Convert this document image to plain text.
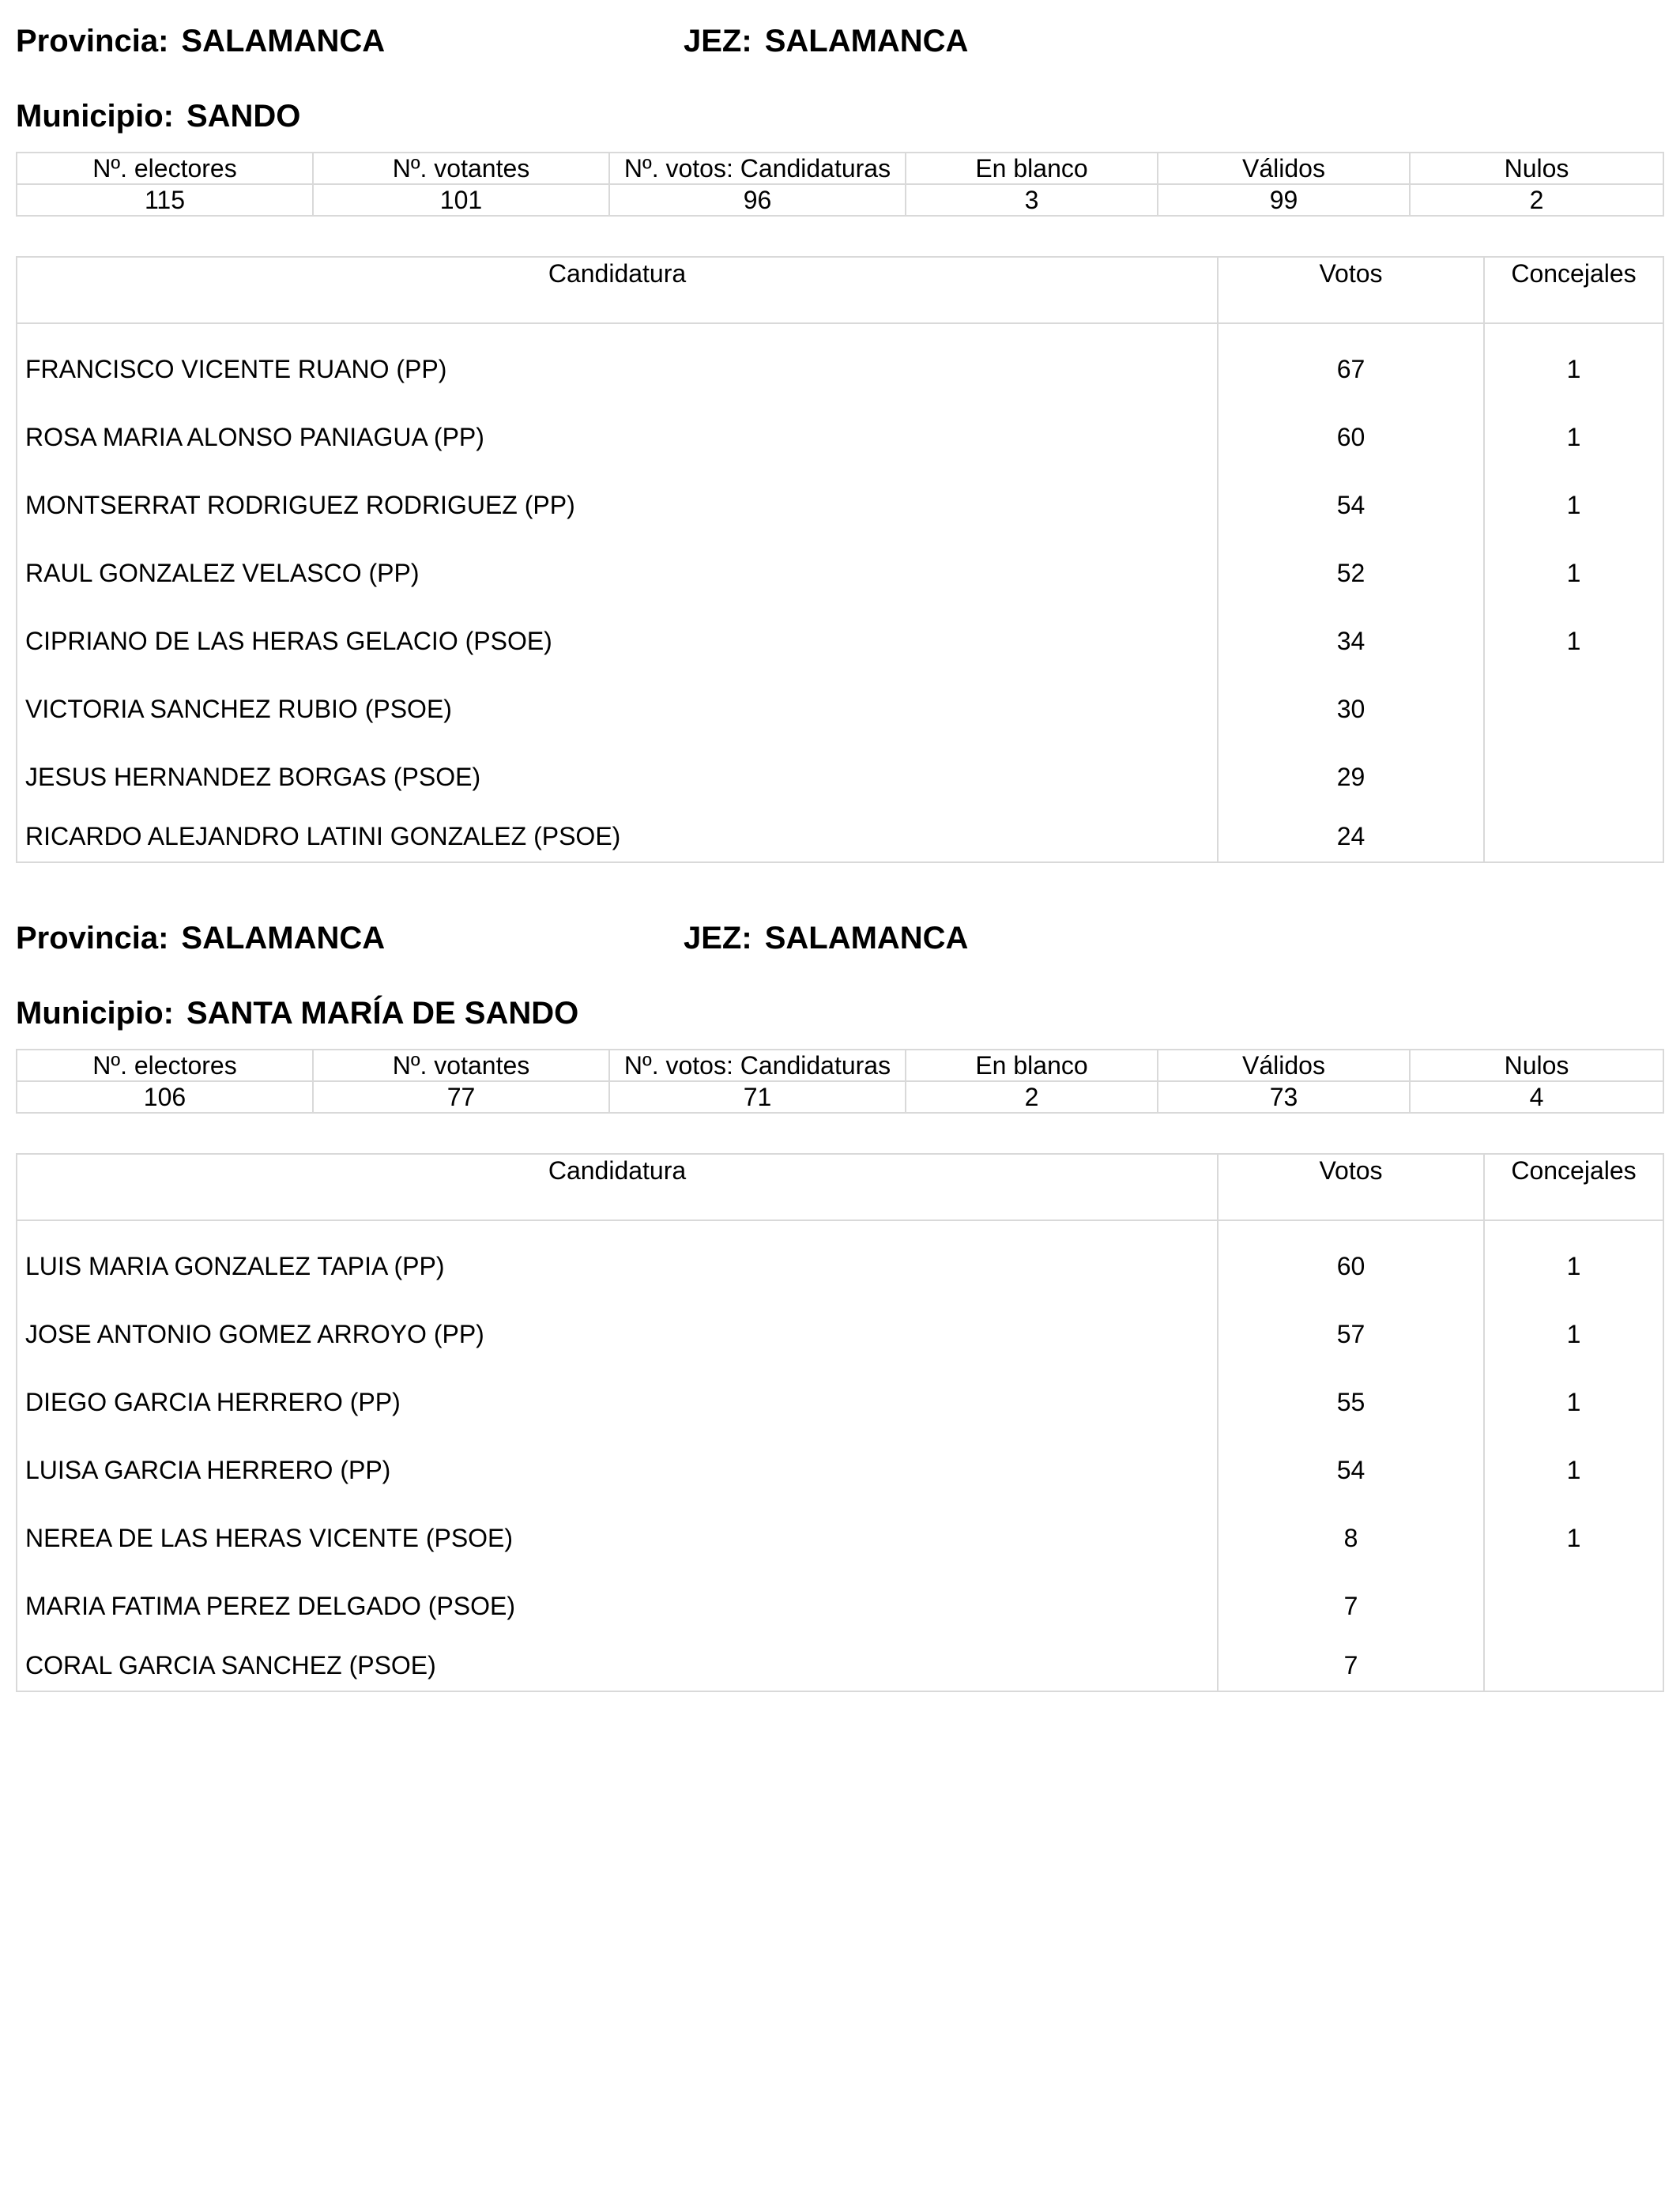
Provincia: SALAMANCA	JEZ: SALAMANCA
Municipio: SANDO
Nº. electores	Nº. votantes	Nº. votos: Candidaturas	En blanco	Válidos	Nulos
115	101	96	3	99	2
Candidatura	Votos	Concejales
FRANCISCO VICENTE RUANO (PP)	67	1
ROSA MARIA ALONSO PANIAGUA (PP)	60	1
MONTSERRAT RODRIGUEZ RODRIGUEZ (PP)	54	1
RAUL GONZALEZ VELASCO (PP)	52	1
CIPRIANO DE LAS HERAS GELACIO (PSOE)	34	1
VICTORIA SANCHEZ RUBIO (PSOE)	30	
JESUS HERNANDEZ BORGAS (PSOE)	29	
RICARDO ALEJANDRO LATINI GONZALEZ (PSOE)	24	
Provincia: SALAMANCA	JEZ: SALAMANCA
Municipio: SANTA MARÍA DE SANDO
Nº. electores	Nº. votantes	Nº. votos: Candidaturas	En blanco	Válidos	Nulos
106	77	71	2	73	4
Candidatura	Votos	Concejales
LUIS MARIA GONZALEZ TAPIA (PP)	60	1
JOSE ANTONIO GOMEZ ARROYO (PP)	57	1
DIEGO GARCIA HERRERO (PP)	55	1
LUISA GARCIA HERRERO (PP)	54	1
NEREA DE LAS HERAS VICENTE (PSOE)	8	1
MARIA FATIMA PEREZ DELGADO (PSOE)	7	
CORAL GARCIA SANCHEZ (PSOE)	7	
